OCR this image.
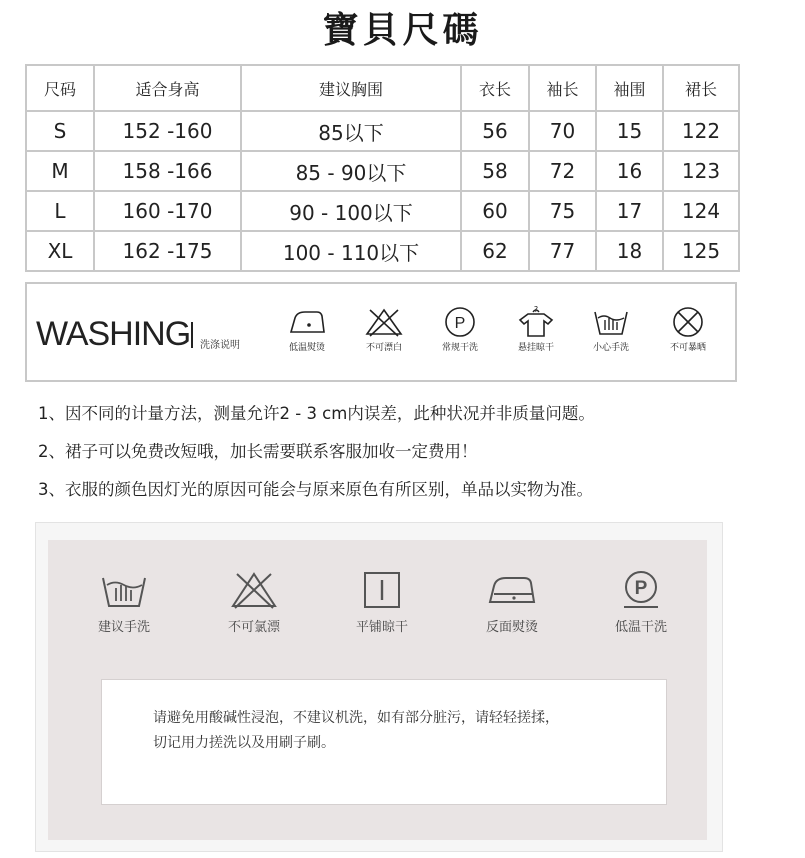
寶貝尺碼
尺码	适合身高	建议胸围	衣长	袖长	袖围	裙长
S	152 -160	85以下	56	70	15	122
M	158 -166	85 - 90以下	58	72	16	123
L	160 -170	90 - 100以下	60	75	17	124
XL	162 -175	100 - 110以下	62	77	18	125
WASHING 洗涤说明	低温熨烫	不可漂白
P
常规干洗
?
悬挂晾干	小心手洗	不可暴晒
1、因不同的计量方法，测量允许2 - 3 cm内误差，此种状况并非质量问题。
2、裙子可以免费改短哦，加长需要联系客服加收一定费用！
3、衣服的颜色因灯光的原因可能会与原来原色有所区别，单品以实物为准。
建议手洗	不可氯漂	平铺晾干	反面熨烫
P
低温干洗
请避免用酸碱性浸泡，不建议机洗，如有部分脏污，请轻轻搓揉，
切记用力搓洗以及用刷子刷。
